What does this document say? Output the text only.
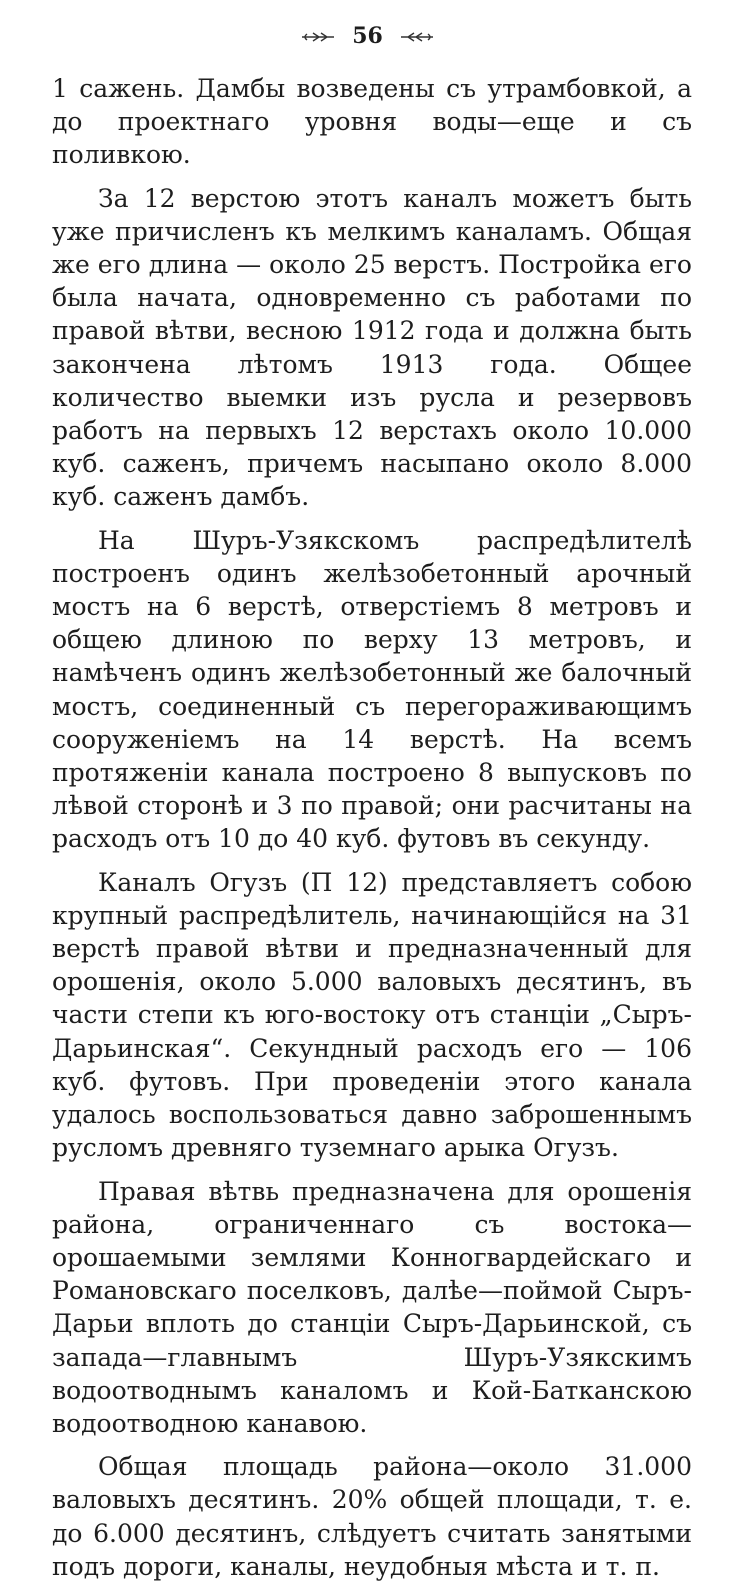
56

1 сажень. Дамбы возведены съ утрамбовкой, а до проектнаго уровня воды—еще и съ поливкою.

За 12 верстою этотъ каналъ можетъ быть уже причисленъ къ мелкимъ каналамъ. Общая же его длина — около 25 верстъ. Постройка его была начата, одновременно съ работами по правой вѣтви, весною 1912 года и должна быть закончена лѣтомъ 1913 года. Общее количество выемки изъ русла и резервовъ работъ на первыхъ 12 верстахъ около 10.000 куб. саженъ, причемъ насыпано около 8.000 куб. саженъ дамбъ.

На Шуръ-Узякскомъ распредѣлителѣ построенъ одинъ желѣзобетонный арочный мостъ на 6 верстѣ, отверстіемъ 8 метровъ и общею длиною по верху 13 метровъ, и намѣченъ одинъ желѣзобетонный же балочный мостъ, соединенный съ перегораживающимъ сооруженіемъ на 14 верстѣ. На всемъ протяженіи канала построено 8 выпусковъ по лѣвой сторонѣ и 3 по правой; они расчитаны на расходъ отъ 10 до 40 куб. футовъ въ секунду.

Каналъ Огузъ (П 12) представляетъ собою крупный распредѣлитель, начинающійся на 31 верстѣ правой вѣтви и предназначенный для орошенія, около 5.000 валовыхъ десятинъ, въ части степи къ юго-востоку отъ станціи „Сыръ-Дарьинская“. Секундный расходъ его — 106 куб. футовъ. При проведеніи этого канала удалось воспользоваться давно заброшеннымъ русломъ древняго туземнаго арыка Огузъ.

Правая вѣтвь предназначена для орошенія района, ограниченнаго съ востока—орошаемыми землями Конногвардейскаго и Романовскаго поселковъ, далѣе—поймой Сыръ-Дарьи вплоть до станціи Сыръ-Дарьинской, съ запада—главнымъ Шуръ-Узякскимъ водоотводнымъ каналомъ и Кой-Батканскою водоотводною канавою.

Общая площадь района—около 31.000 валовыхъ десятинъ. 20% общей площади, т. е. до 6.000 десятинъ, слѣдуетъ считать занятыми подъ дороги, каналы, неудобныя мѣста и т. п.
